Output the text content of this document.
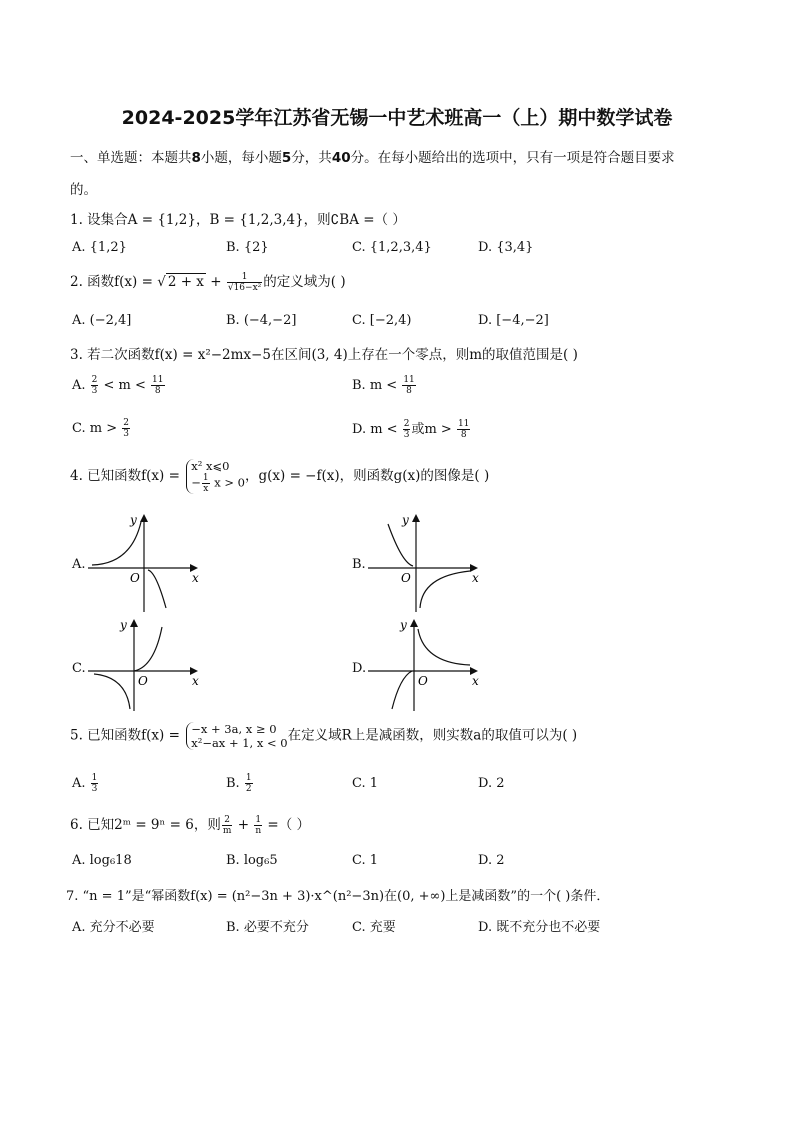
2024-2025学年江苏省无锡一中艺术班高一（上）期中数学试卷
一、单选题：本题共8小题，每小题5分，共40分。在每小题给出的选项中，只有一项是符合题目要求
的。
1. 设集合A = {1,2}，B = {1,2,3,4}，则∁BA =（ ）
A. {1,2}	B. {2}	C. {1,2,3,4}	D. {3,4}
2. 函数f(x) = √ $2 + x + \frac{1}{\text{√16−x²}}$ 的定义域为( )
A. (−2,4]	B. (−4,−2]	C. [−2,4)	D. [−4,−2]
3. 若二次函数f(x) = x²−2mx−5在区间(3, 4)上存在一个零点，则m的取值范围是( )
A. $\frac{2}{3} < m < \frac{11}{8}$	B. $m < \frac{11}{8}$
C. $m > \frac{2}{3}$	D. $m < \frac{2}{3}$ 或$m > \frac{11}{8}$
4. 已知函数f(x) =
x² x⩽0
− $\frac{1}{x}$ x > 0 ，g(x) = −f(x)，则函数g(x)的图像是( )
A.
y
x
O
B.
y
x
O
C.
y
x
O
D.
y
x
O
5. 已知函数f(x) = −x + 3a, x ≥ 0
x²−ax + 1, x < 0 在定义域R上是减函数，则实数a的取值可以为( )
A. $\frac{1}{3}$	B. $\frac{1}{2}$	C. 1	D. 2
6. 已知2ᵐ = 9ⁿ = 6，则 $\frac{2}{m} + \frac{1}{n}$ =（ ）
A. log₆18	B. log₆5	C. 1	D. 2
7. “n = 1”是“幂函数f(x) = (n²−3n + 3)·x^(n²−3n)在(0, +∞)上是减函数”的一个( )条件．
A. 充分不必要	B. 必要不充分	C. 充要	D. 既不充分也不必要
